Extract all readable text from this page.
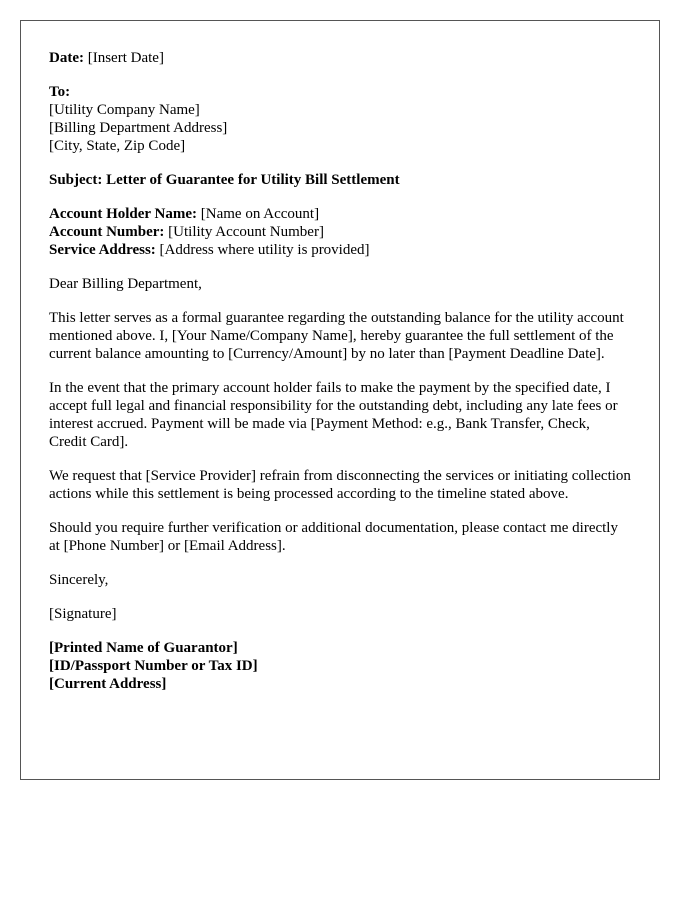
Date: [Insert Date]

To:

[Utility Company Name]

[Billing Department Address]

[City, State, Zip Code]

Subject: Letter of Guarantee for Utility Bill Settlement

Account Holder Name: [Name on Account]

Account Number: [Utility Account Number]

Service Address: [Address where utility is provided]

Dear Billing Department,

This letter serves as a formal guarantee regarding the outstanding balance for the utility account mentioned above. I, [Your Name/Company Name], hereby guarantee the full settlement of the current balance amounting to [Currency/Amount] by no later than [Payment Deadline Date].

In the event that the primary account holder fails to make the payment by the specified date, I accept full legal and financial responsibility for the outstanding debt, including any late fees or interest accrued. Payment will be made via [Payment Method: e.g., Bank Transfer, Check, Credit Card].

We request that [Service Provider] refrain from disconnecting the services or initiating collection actions while this settlement is being processed according to the timeline stated above.

Should you require further verification or additional documentation, please contact me directly at [Phone Number] or [Email Address].

Sincerely,

[Signature]

[Printed Name of Guarantor]

[ID/Passport Number or Tax ID]

[Current Address]
